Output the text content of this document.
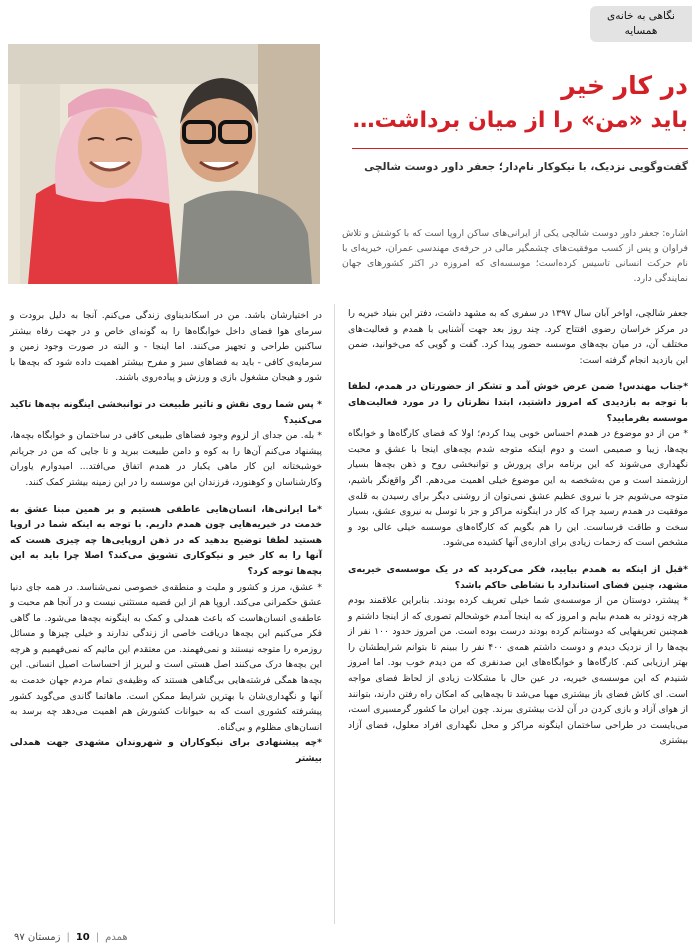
نگاهی به خانه‌ی
همسایه
در کار خیر
باید «من» را از میان برداشت…
گفت‌وگویی نزدیک، با نیکوکار نام‌دار؛ جعفر داور دوست شالچی

اشاره: جعفر داور دوست شالچی یکی از ایرانی‌های ساکن اروپا است که با کوشش و تلاش فراوان و پس از کسب موفقیت‌های چشمگیر مالی در حرفه‌ی مهندسی عمران، خیریه‌ای با نام حرکت انسانی تاسیس کرده‌است؛ موسسه‌ای که امروزه در اکثر کشورهای جهان نمایندگی دارد.

جعفر شالچی، اواخر آبان سال ۱۳۹۷ در سفری که به مشهد داشت، دفتر این بنیاد خیریه را در مرکز خراسان رضوی افتتاح کرد. چند روز بعد جهت آشنایی با همدم و فعالیت‌های مختلف آن، در میان بچه‌های موسسه حضور پیدا کرد. گفت و گویی که می‌خوانید، ضمن این بازدید انجام گرفته است:

*جناب مهندس! ضمن عرض خوش آمد و تشکر از حضورتان در همدم، لطفا با توجه به بازدیدی که امروز داشتید، ابتدا نظرتان را در مورد فعالیت‌های موسسه بفرمایید؟

* من از دو موضوع در همدم احساس خوبی پیدا کردم؛ اولا که فضای کارگاه‌ها و خوابگاه بچه‌ها، زیبا و صمیمی است و دوم اینکه متوجه شدم بچه‌های اینجا با عشق و محبت نگهداری می‌شوند که این برنامه برای پرورش و توانبخشی روح و ذهن بچه‌ها بسیار ارزشمند است و من به‌شخصه به این موضوع خیلی اهمیت می‌دهم. اگر واقع‌نگر باشیم، متوجه می‌شویم جز با نیروی عظیم عشق نمی‌توان از روشنی دیگر برای رسیدن به قله‌ی موفقیت در همدم رسید چرا که کار در اینگونه مراکز و جز با توسل به نیروی عشق، بسیار سخت و طاقت فرساست. این را هم بگویم که کارگاه‌های موسسه خیلی عالی بود و مشخص است که زحمات زیادی برای اداره‌ی آنها کشیده می‌شود.

*قبل از اینکه به همدم بیایید، فکر می‌کردید که در یک موسسه‌ی خیریه‌ی مشهد، چنین فضای استاندارد با نشاطی حاکم باشد؟

* پیشتر، دوستان من از موسسه‌ی شما خیلی تعریف کرده بودند. بنابراین علاقمند بودم هرچه زودتر به همدم بیایم و امروز که به اینجا آمدم خوشحالم تصوری که از اینجا داشتم و همچنین تعریفهایی که دوستانم کرده بودند درست بوده است. من امروز حدود ۱۰۰ نفر از بچه‌ها را از نزدیک دیدم و دوست داشتم همه‌ی ۴۰۰ نفر را ببینم تا بتوانم شرایطشان را بهتر ارزیابی کنم. کارگاه‌ها و خوابگاه‌های این صدنفری که من دیدم خوب بود. اما امروز شنیدم که این موسسه‌ی خیریه، در عین حال با مشکلات زیادی از لحاظ فضای مواجه است. ای کاش فضای باز بیشتری مهیا می‌شد تا بچه‌هایی که امکان راه رفتن دارند، بتوانند از هوای آزاد و بازی کردن در آن لذت بیشتری ببرند. چون ایران ما کشور گرمسیری است، می‌بایست در طراحی ساختمان اینگونه مراکز و محل نگهداری افراد معلول، فضای آزاد بیشتری

در اختیارشان باشد. من در اسکاندیناوی زندگی می‌کنم. آنجا به دلیل برودت و سرمای هوا فضای داخل خوابگاه‌ها را به گونه‌ای خاص و در جهت رفاه بیشتر ساکنین طراحی و تجهیز می‌کنند. اما اینجا - و البته در صورت وجود زمین و سرمایه‌ی کافی - باید به فضاهای سبز و مفرح بیشتر اهمیت داده شود که بچه‌ها با شور و هیجان مشغول بازی و ورزش و پیاده‌روی باشند.

* پس شما روی نقش و تاثیر طبیعت در توانبخشی اینگونه بچه‌ها تاکید می‌کنید؟

* بله. من جدای از لزوم وجود فضاهای طبیعی کافی در ساختمان و خوابگاه بچه‌ها، پیشنهاد می‌کنم آن‌ها را به کوه و دامن طبیعت ببرید و تا جایی که من در جریانم خوشبختانه این کار ماهی یکبار در همدم اتفاق می‌افتد... امیدوارم یاوران وکارشناسان و کوهنورد، فرزندان این موسسه را در این زمینه بیشتر کمک کنند.

*ما ایرانی‌ها، انسان‌هایی عاطفی هستیم و بر همین مبنا عشق به خدمت در خیریه‌هایی چون همدم داریم. با توجه به اینکه شما در اروپا هستید لطفا توضیح بدهید که در ذهن اروپایی‌ها چه چیزی هست که آنها را به کار خیر و نیکوکاری تشویق می‌کند؟ اصلا چرا باید به این بچه‌ها توجه کرد؟

* عشق، مرز و کشور و ملیت و منطقه‌ی خصوصی نمی‌شناسد. در همه جای دنیا عشق حکمرانی می‌کند. اروپا هم از این قضیه مستثنی نیست و در آنجا هم محبت و عاطفه‌ی انسان‌هاست که باعث همدلی و کمک به اینگونه بچه‌ها می‌شود. ما گاهی فکر می‌کنیم این بچه‌ها دریافت خاصی از زندگی ندارند و خیلی چیزها و مسائل روزمره را متوجه نیستند و نمی‌فهمند. من معتقدم این مائیم که نمی‌فهمیم و هرچه این بچه‌ها درک می‌کنند اصل هستی است و لبریز از احساسات اصیل انسانی. این بچه‌ها همگی فرشته‌هایی بی‌گناهی هستند که وظیفه‌ی تمام مردم جهان خدمت به آنها و نگهداری‌شان با بهترین شرایط ممکن است. ماهاتما گاندی می‌گوید کشور پیشرفته کشوری است که به حیوانات کشورش هم اهمیت می‌دهد چه برسد به انسان‌های مظلوم و بی‌گناه.

*چه پیشنهادی برای نیکوکاران و شهروندان مشهدی جهت همدلی بیشتر

زمستان ۹۷ | 10 | همدم
